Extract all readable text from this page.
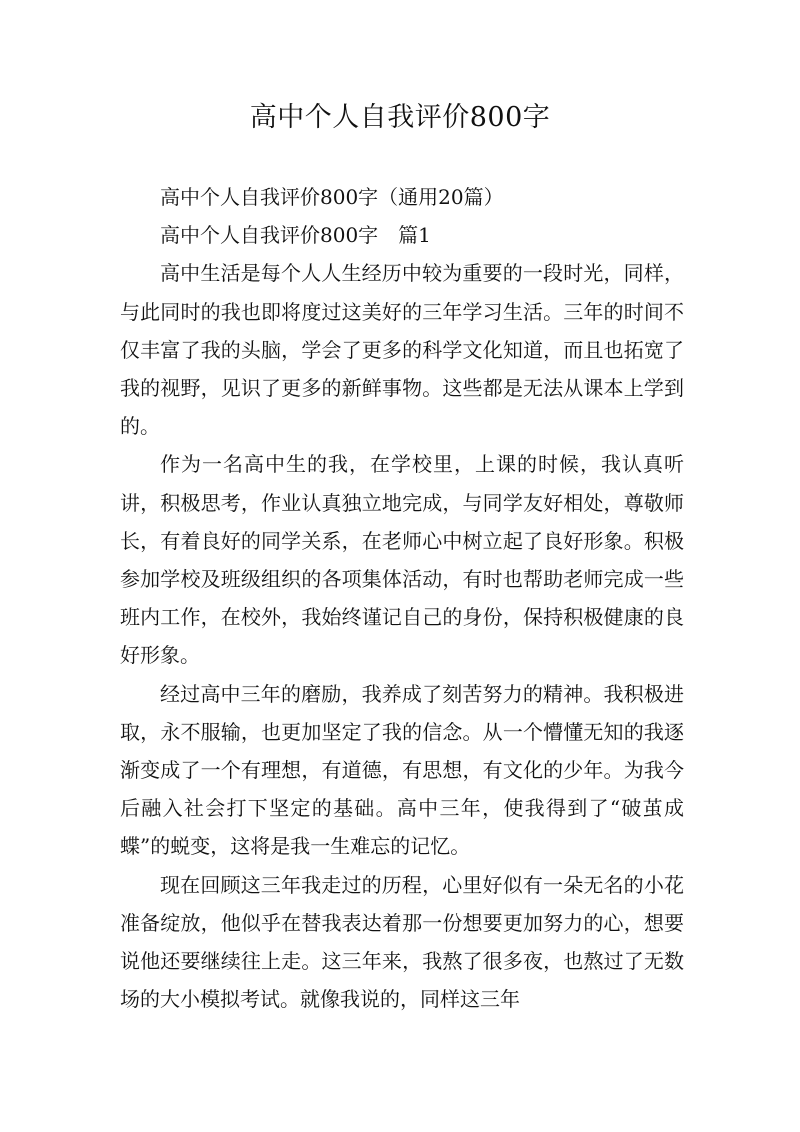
高中个人自我评价800字

高中个人自我评价800字（通用20篇）

高中个人自我评价800字　篇1

高中生活是每个人人生经历中较为重要的一段时光，同样，与此同时的我也即将度过这美好的三年学习生活。三年的时间不仅丰富了我的头脑，学会了更多的科学文化知道，而且也拓宽了我的视野，见识了更多的新鲜事物。这些都是无法从课本上学到的。

作为一名高中生的我，在学校里，上课的时候，我认真听讲，积极思考，作业认真独立地完成，与同学友好相处，尊敬师长，有着良好的同学关系，在老师心中树立起了良好形象。积极参加学校及班级组织的各项集体活动，有时也帮助老师完成一些班内工作，在校外，我始终谨记自己的身份，保持积极健康的良好形象。

经过高中三年的磨励，我养成了刻苦努力的精神。我积极进取，永不服输，也更加坚定了我的信念。从一个懵懂无知的我逐渐变成了一个有理想，有道德，有思想，有文化的少年。为我今后融入社会打下坚定的基础。高中三年，使我得到了“破茧成蝶”的蜕变，这将是我一生难忘的记忆。

现在回顾这三年我走过的历程，心里好似有一朵无名的小花准备绽放，他似乎在替我表达着那一份想要更加努力的心，想要说他还要继续往上走。这三年来，我熬了很多夜，也熬过了无数场的大小模拟考试。就像我说的，同样这三年
